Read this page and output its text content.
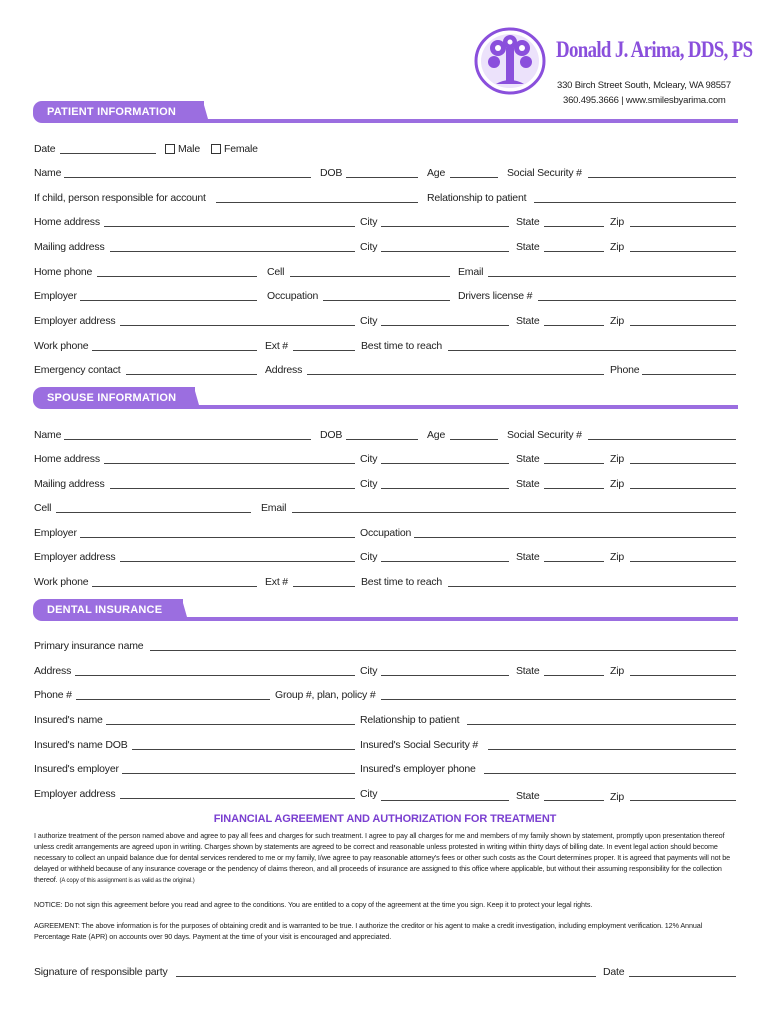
Donald J. Arima, DDS, PS
330 Birch Street South, Mcleary, WA 98557
360.495.3666 | www.smilesbyarima.com
PATIENT INFORMATION
Date	Male Female
Name	DOB	Age	Social Security #
If child, person responsible for account	Relationship to patient
Home address	City	State	Zip
Mailing address	City	State	Zip
Home phone	Cell	Email
Employer	Occupation	Drivers license #
Employer address	City	State	Zip
Work phone	Ext #	Best time to reach
Emergency contact	Address	Phone
SPOUSE INFORMATION
Name	DOB	Age	Social Security #
Home address	City	State	Zip
Mailing address	City	State	Zip
Cell	Email
Employer	Occupation
Employer address	City	State	Zip
Work phone	Ext #	Best time to reach
DENTAL INSURANCE
Primary insurance name
Address	City	State	Zip
Phone #	Group #, plan, policy #
Insured's name	Relationship to patient
Insured's name DOB	Insured's Social Security #
Insured's employer	Insured's employer phone
Employer address	City	State	Zip
FINANCIAL AGREEMENT AND AUTHORIZATION FOR TREATMENT
I authorize treatment of the person named above and agree to pay all fees and charges for such treatment. I agree to pay all charges for me and members of my family shown by statement, promptly upon presentation thereof unless credit arrangements are agreed upon in writing. Charges shown by statements are agreed to be correct and reasonable unless protested in writing within thirty days of billing date. In event legal action should become necessary to collect an unpaid balance due for dental services rendered to me or my family, I/we agree to pay reasonable attorney's fees or other such costs as the Court determines proper. It is agreed that payments will not be delayed or withheld because of any insurance coverage or the pendency of claims thereon, and all proceeds of insurance are assigned to this office where applicable, but without their assuming responsibility for the collection thereof. (A copy of this assignment is as valid as the original.)
NOTICE: Do not sign this agreement before you read and agree to the conditions. You are entitled to a copy of the agreement at the time you sign. Keep it to protect your legal rights.
AGREEMENT: The above information is for the purposes of obtaining credit and is warranted to be true. I authorize the creditor or his agent to make a credit investigation, including employment verification. 12% Annual Percentage Rate (APR) on accounts over 90 days. Payment at the time of your visit is encouraged and appreciated.
Signature of responsible party	Date
